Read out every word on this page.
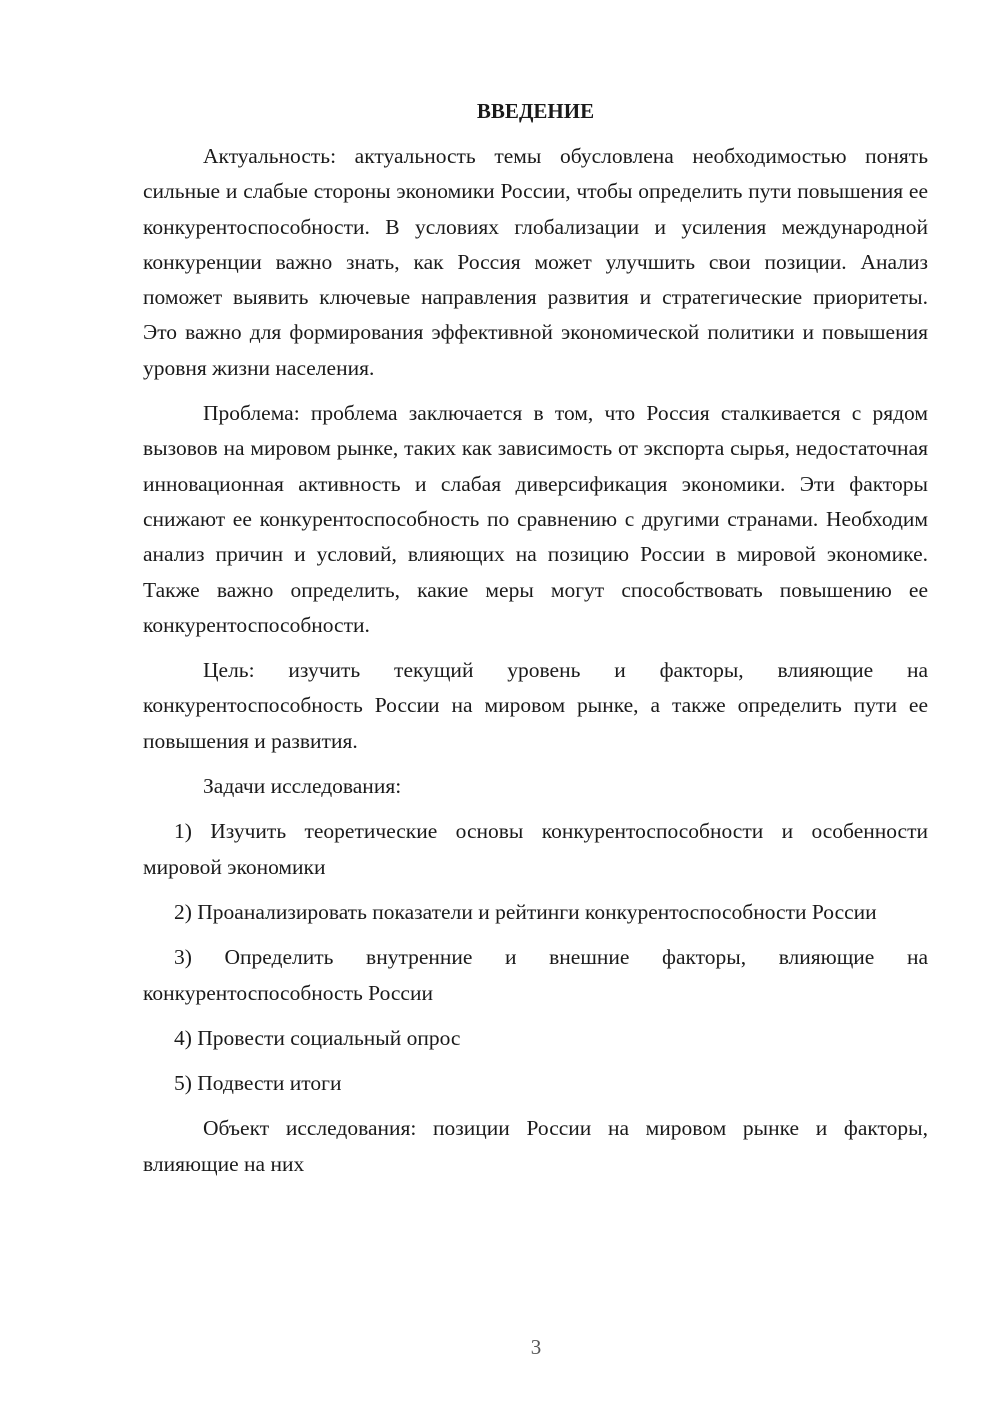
ВВЕДЕНИЕ

Актуальность: актуальность темы обусловлена необходимостью понять сильные и слабые стороны экономики России, чтобы определить пути повышения ее конкурентоспособности. В условиях глобализации и усиления международной конкуренции важно знать, как Россия может улучшить свои позиции. Анализ поможет выявить ключевые направления развития и стратегические приоритеты. Это важно для формирования эффективной экономической политики и повышения уровня жизни населения.

Проблема: проблема заключается в том, что Россия сталкивается с рядом вызовов на мировом рынке, таких как зависимость от экспорта сырья, недостаточная инновационная активность и слабая диверсификация экономики. Эти факторы снижают ее конкурентоспособность по сравнению с другими странами. Необходим анализ причин и условий, влияющих на позицию России в мировой экономике. Также важно определить, какие меры могут способствовать повышению ее конкурентоспособности.

Цель: изучить текущий уровень и факторы, влияющие на конкурентоспособность России на мировом рынке, а также определить пути ее повышения и развития.

Задачи исследования:

1) Изучить теоретические основы конкурентоспособности и особенности мировой экономики

2) Проанализировать показатели и рейтинги конкурентоспособности России

3) Определить внутренние и внешние факторы, влияющие на конкурентоспособность России

4) Провести социальный опрос

5) Подвести итоги

Объект исследования: позиции России на мировом рынке и факторы, влияющие на них

3
